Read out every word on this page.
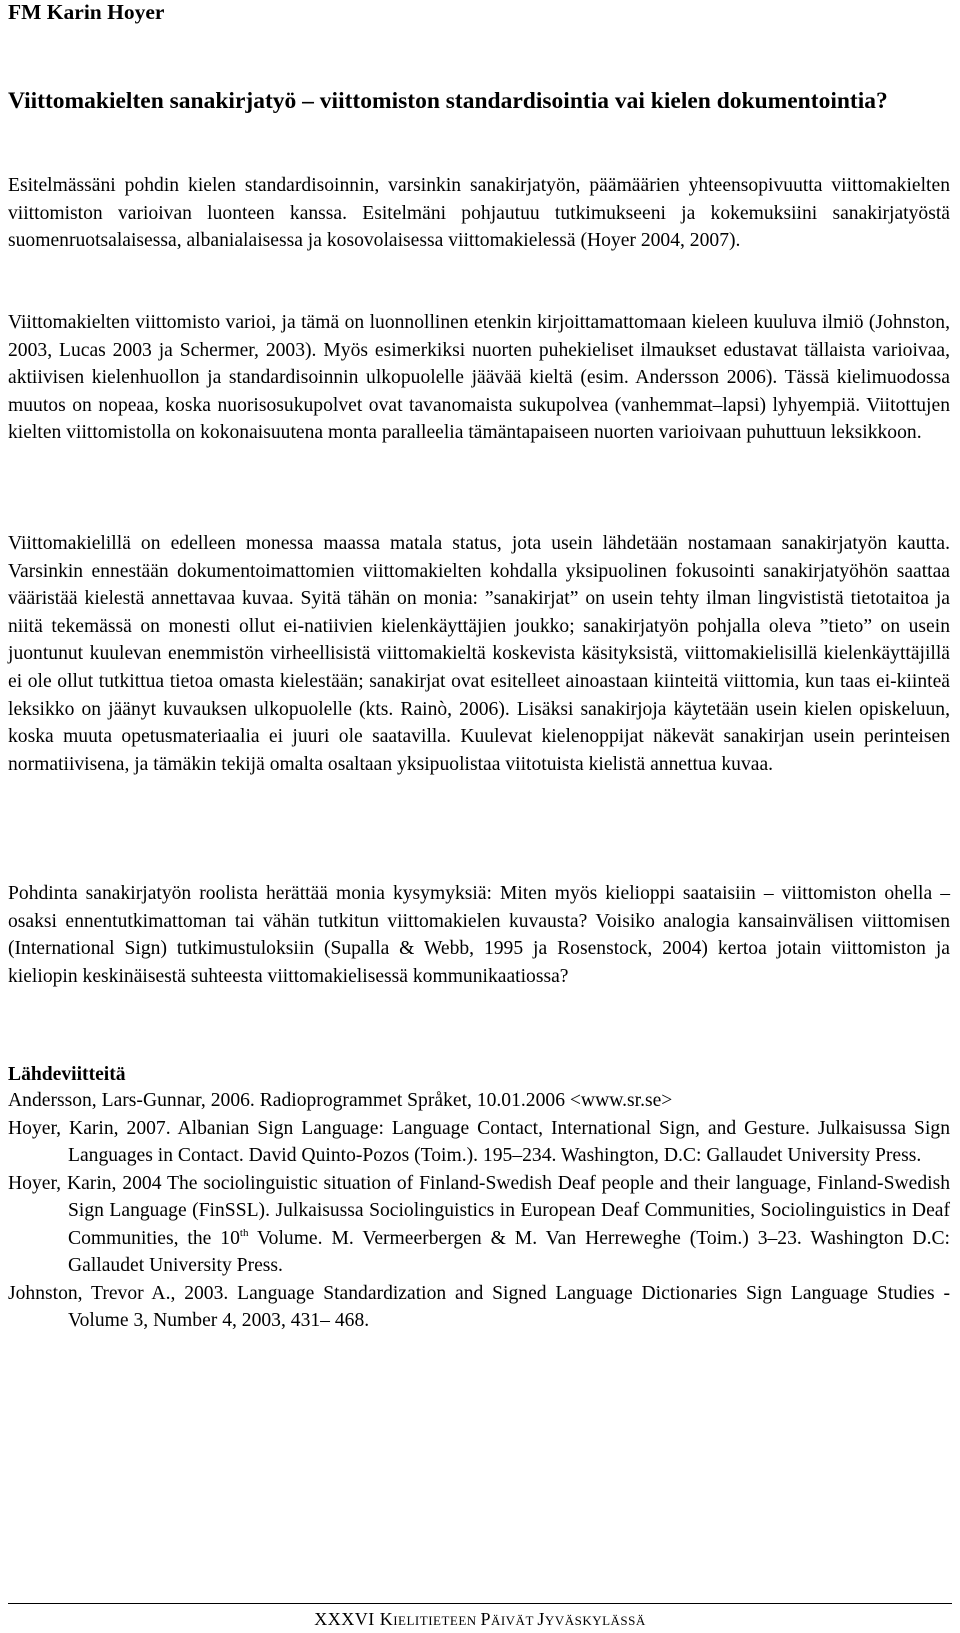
FM Karin Hoyer
Viittomakielten sanakirjatyö – viittomiston standardisointia vai kielen dokumentointia?

Esitelmässäni pohdin kielen standardisoinnin, varsinkin sanakirjatyön, päämäärien yhteensopivuutta viittomakielten viittomiston varioivan luonteen kanssa. Esitelmäni pohjautuu tutkimukseeni ja kokemuksiini sanakirjatyöstä suomenruotsalaisessa, albanialaisessa ja kosovolaisessa viittomakielessä (Hoyer 2004, 2007).

Viittomakielten viittomisto varioi, ja tämä on luonnollinen etenkin kirjoittamattomaan kieleen kuuluva ilmiö (Johnston, 2003, Lucas 2003 ja Schermer, 2003). Myös esimerkiksi nuorten puhekieliset ilmaukset edustavat tällaista varioivaa, aktiivisen kielenhuollon ja standardisoinnin ulkopuolelle jäävää kieltä (esim. Andersson 2006). Tässä kielimuodossa muutos on nopeaa, koska nuorisosukupolvet ovat tavanomaista sukupolvea (vanhemmat–lapsi) lyhyempiä. Viitottujen kielten viittomistolla on kokonaisuutena monta paralleelia tämäntapaiseen nuorten varioivaan puhuttuun leksikkoon.

Viittomakielillä on edelleen monessa maassa matala status, jota usein lähdetään nostamaan sanakirjatyön kautta. Varsinkin ennestään dokumentoimattomien viittomakielten kohdalla yksipuolinen fokusointi sanakirjatyöhön saattaa vääristää kielestä annettavaa kuvaa. Syitä tähän on monia: ”sanakirjat” on usein tehty ilman lingvististä tietotaitoa ja niitä tekemässä on monesti ollut ei-natiivien kielenkäyttäjien joukko; sanakirjatyön pohjalla oleva ”tieto” on usein juontunut kuulevan enemmistön virheellisistä viittomakieltä koskevista käsityksistä, viittomakielisillä kielenkäyttäjillä ei ole ollut tutkittua tietoa omasta kielestään; sanakirjat ovat esitelleet ainoastaan kiinteitä viittomia, kun taas ei-kiinteä leksikko on jäänyt kuvauksen ulkopuolelle (kts. Rainò, 2006). Lisäksi sanakirjoja käytetään usein kielen opiskeluun, koska muuta opetusmateriaalia ei juuri ole saatavilla. Kuulevat kielenoppijat näkevät sanakirjan usein perinteisen normatiivisena, ja tämäkin tekijä omalta osaltaan yksipuolistaa viitotuista kielistä annettua kuvaa.

Pohdinta sanakirjatyön roolista herättää monia kysymyksiä: Miten myös kielioppi saataisiin – viittomiston ohella – osaksi ennentutkimattoman tai vähän tutkitun viittomakielen kuvausta? Voisiko analogia kansainvälisen viittomisen (International Sign) tutkimustuloksiin (Supalla & Webb, 1995 ja Rosenstock, 2004) kertoa jotain viittomiston ja kieliopin keskinäisestä suhteesta viittomakielisessä kommunikaatiossa?

Lähdeviitteitä

Andersson, Lars-Gunnar, 2006. Radioprogrammet Språket, 10.01.2006 <www.sr.se>

Hoyer, Karin, 2007. Albanian Sign Language: Language Contact, International Sign, and Gesture. Julkaisussa Sign Languages in Contact. David Quinto-Pozos (Toim.). 195–234. Washington, D.C: Gallaudet University Press.

Hoyer, Karin, 2004 The sociolinguistic situation of Finland-Swedish Deaf people and their language, Finland-Swedish Sign Language (FinSSL). Julkaisussa Sociolinguistics in European Deaf Communities, Sociolinguistics in Deaf Communities, the 10th Volume. M. Vermeerbergen & M. Van Herreweghe (Toim.) 3–23. Washington D.C: Gallaudet University Press.

Johnston, Trevor A., 2003. Language Standardization and Signed Language Dictionaries Sign Language Studies - Volume 3, Number 4, 2003, 431– 468.

XXXVI KIELITIETEEN PÄIVÄT JYVÄSKYLÄSSÄ
